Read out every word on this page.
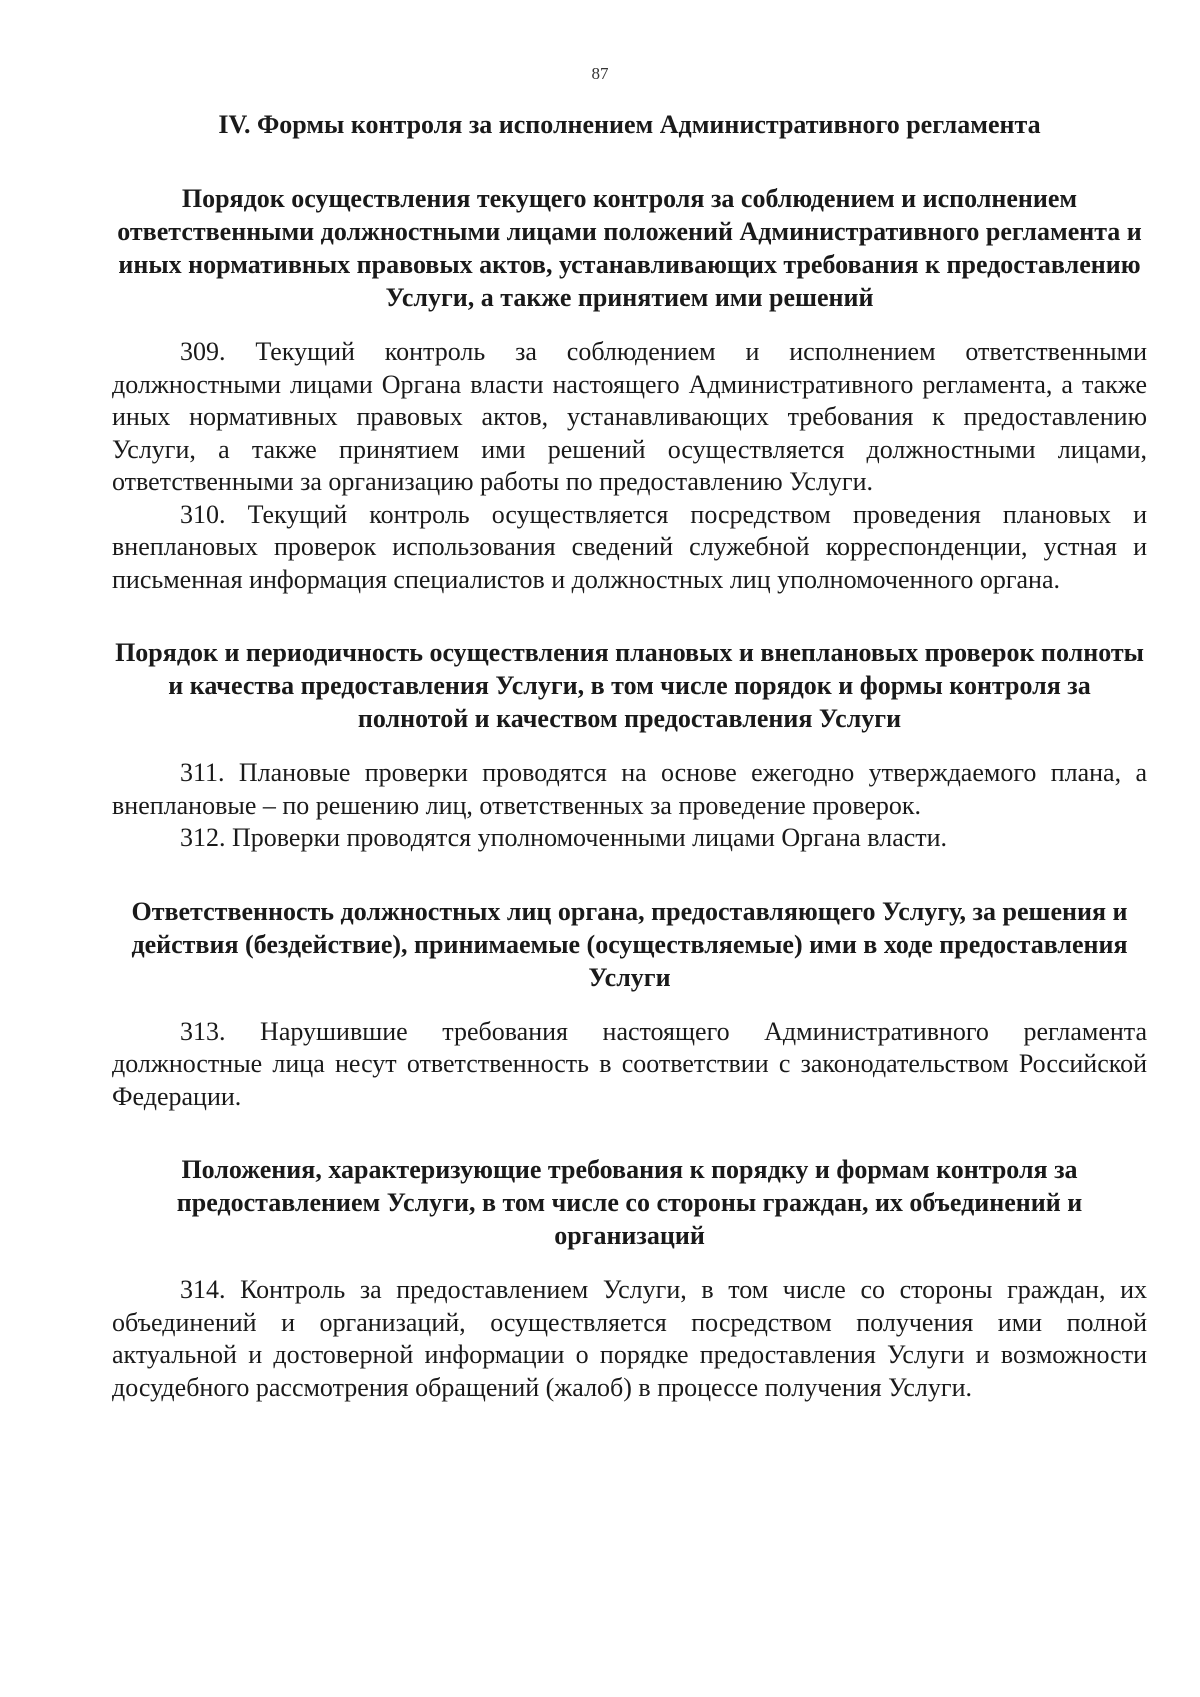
87
IV. Формы контроля за исполнением Административного регламента
Порядок осуществления текущего контроля за соблюдением и исполнением ответственными должностными лицами положений Административного регламента и иных нормативных правовых актов, устанавливающих требования к предоставлению Услуги, а также принятием ими решений

309. Текущий контроль за соблюдением и исполнением ответственными должностными лицами Органа власти настоящего Административного регламента, а также иных нормативных правовых актов, устанавливающих требования к предоставлению Услуги, а также принятием ими решений осуществляется должностными лицами, ответственными за организацию работы по предоставлению Услуги.

310. Текущий контроль осуществляется посредством проведения плановых и внеплановых проверок использования сведений служебной корреспонденции, устная и письменная информация специалистов и должностных лиц уполномоченного органа.

Порядок и периодичность осуществления плановых и внеплановых проверок полноты и качества предоставления Услуги, в том числе порядок и формы контроля за полнотой и качеством предоставления Услуги

311. Плановые проверки проводятся на основе ежегодно утверждаемого плана, а внеплановые – по решению лиц, ответственных за проведение проверок.

312. Проверки проводятся уполномоченными лицами Органа власти.

Ответственность должностных лиц органа, предоставляющего Услугу, за решения и действия (бездействие), принимаемые (осуществляемые) ими в ходе предоставления Услуги

313. Нарушившие требования настоящего Административного регламента должностные лица несут ответственность в соответствии с законодательством Российской Федерации.

Положения, характеризующие требования к порядку и формам контроля за предоставлением Услуги, в том числе со стороны граждан, их объединений и организаций

314. Контроль за предоставлением Услуги, в том числе со стороны граждан, их объединений и организаций, осуществляется посредством получения ими полной актуальной и достоверной информации о порядке предоставления Услуги и возможности досудебного рассмотрения обращений (жалоб) в процессе получения Услуги.
